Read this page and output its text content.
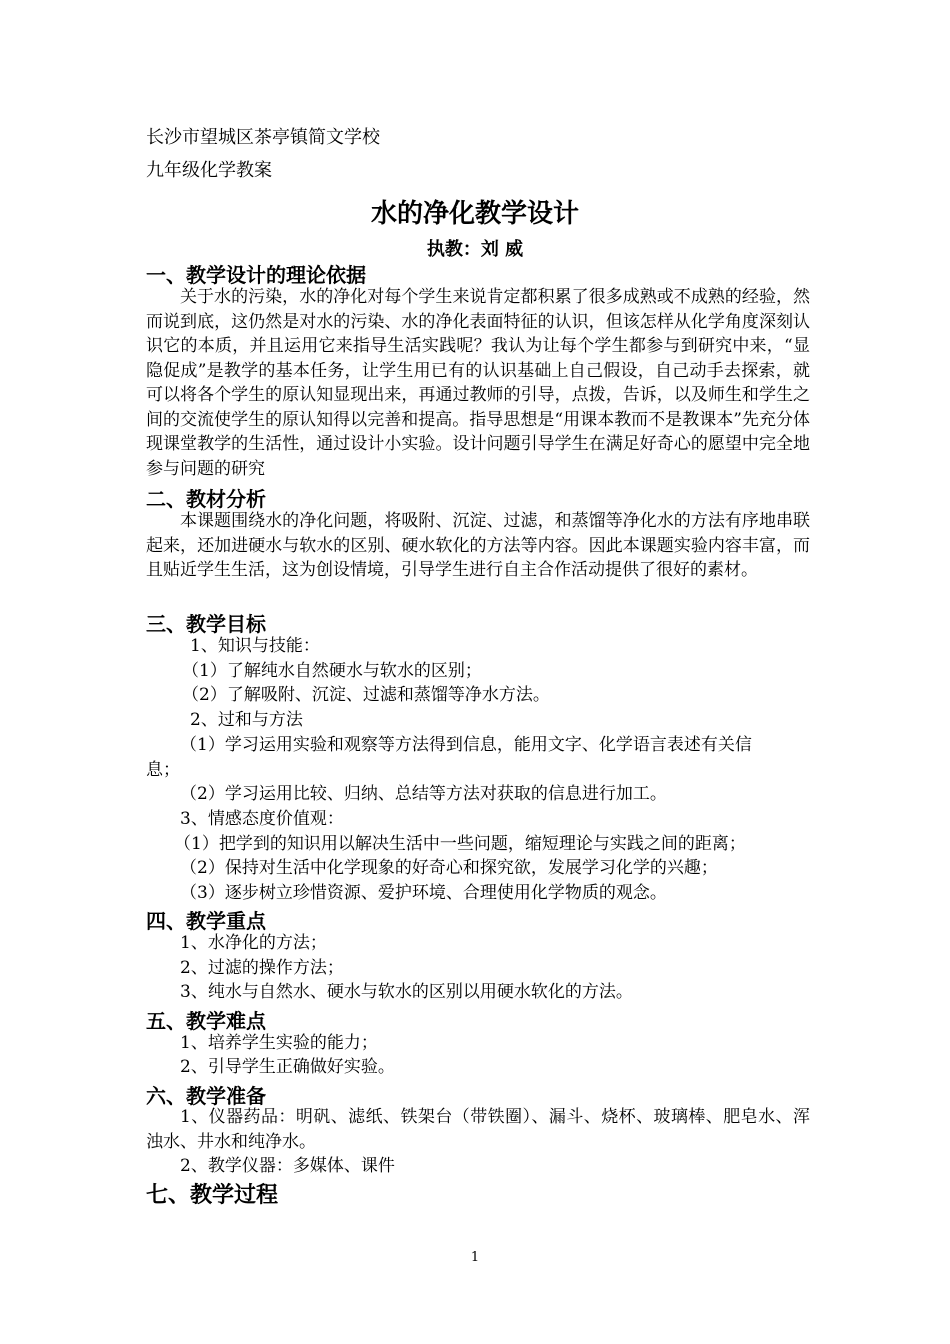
长沙市望城区茶亭镇简文学校
九年级化学教案
水的净化教学设计
执教：刘 威
一、教学设计的理论依据

关于水的污染，水的净化对每个学生来说肯定都积累了很多成熟或不成熟的经验，然而说到底，这仍然是对水的污染、水的净化表面特征的认识，但该怎样从化学角度深刻认识它的本质，并且运用它来指导生活实践呢？我认为让每个学生都参与到研究中来，“显隐促成”是教学的基本任务，让学生用已有的认识基础上自己假设，自己动手去探索，就可以将各个学生的原认知显现出来，再通过教师的引导，点拨，告诉，以及师生和学生之间的交流使学生的原认知得以完善和提高。指导思想是“用课本教而不是教课本”先充分体现课堂教学的生活性，通过设计小实验。设计问题引导学生在满足好奇心的愿望中完全地参与问题的研究

二、教材分析

本课题围绕水的净化问题，将吸附、沉淀、过滤，和蒸馏等净化水的方法有序地串联起来，还加进硬水与软水的区别、硬水软化的方法等内容。因此本课题实验内容丰富，而且贴近学生生活，这为创设情境，引导学生进行自主合作活动提供了很好的素材。

三、教学目标
1、知识与技能：
（1）了解纯水自然硬水与软水的区别；
（2）了解吸附、沉淀、过滤和蒸馏等净水方法。
2、过和与方法
（1）学习运用实验和观察等方法得到信息，能用文字、化学语言表述有关信
息；
（2）学习运用比较、归纳、总结等方法对获取的信息进行加工。
3、情感态度价值观：
（1）把学到的知识用以解决生活中一些问题，缩短理论与实践之间的距离；
（2）保持对生活中化学现象的好奇心和探究欲，发展学习化学的兴趣；
（3）逐步树立珍惜资源、爱护环境、合理使用化学物质的观念。
四、教学重点
1、水净化的方法；
2、过滤的操作方法；
3、纯水与自然水、硬水与软水的区别以用硬水软化的方法。
五、教学难点
1、培养学生实验的能力；
2、引导学生正确做好实验。
六、教学准备

1、仪器药品：明矾、滤纸、铁架台（带铁圈）、漏斗、烧杯、玻璃棒、肥皂水、浑浊水、井水和纯净水。

2、教学仪器：多媒体、课件
七、教学过程
1
